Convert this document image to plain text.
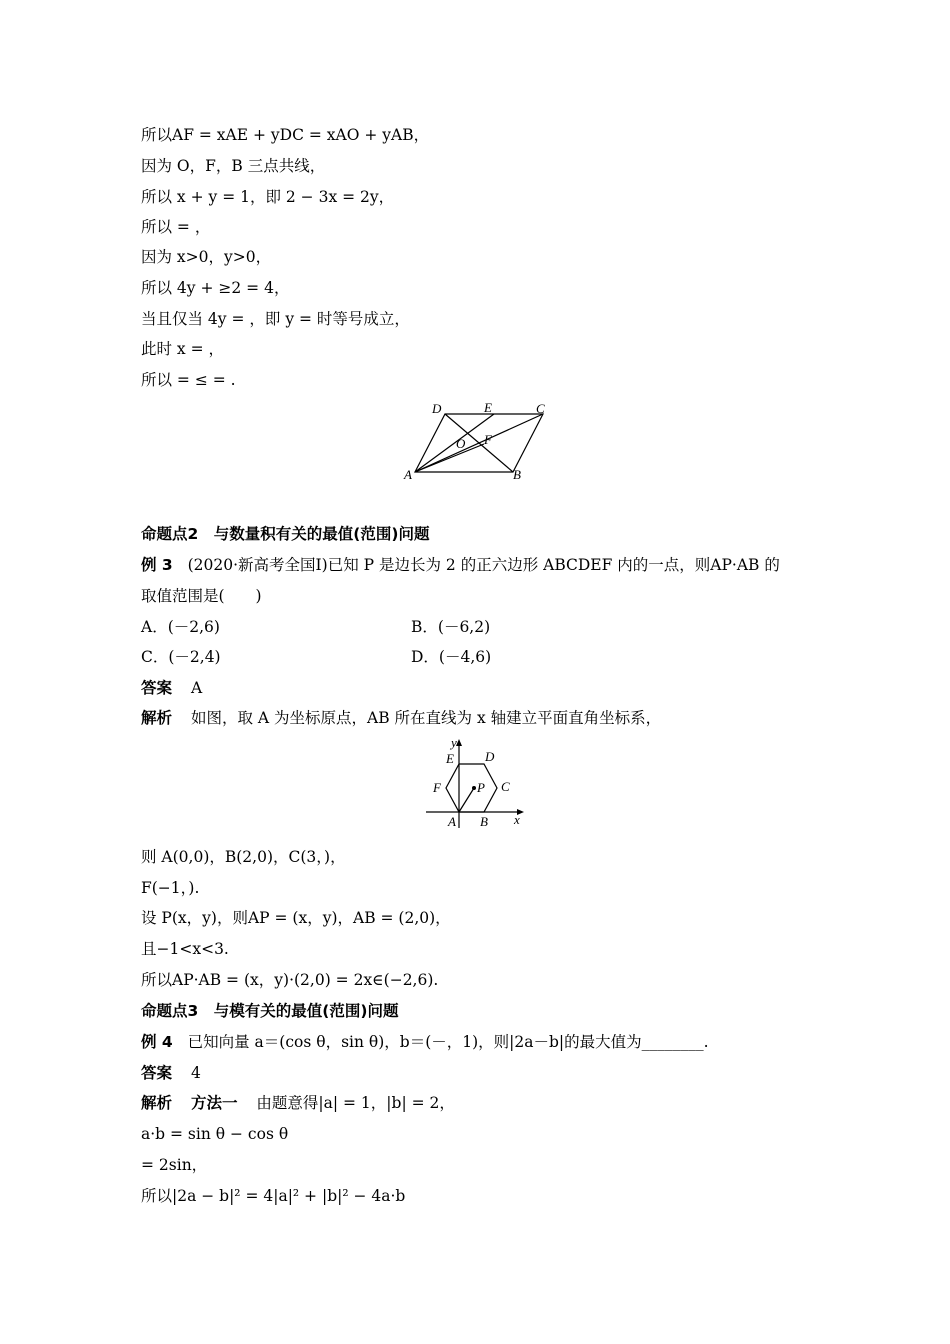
所以AF = xAE + yDC = xAO + yAB，
因为 O，F，B 三点共线，
所以 x + y = 1，即 2 − 3x = 2y，
所以 = ，
因为 x>0，y>0，
所以 4y + ≥2 = 4，
当且仅当 4y = ，即 y = 时等号成立，
此时 x = ，
所以 = ≤ = .
D	E	C
O F
A	B
命题点2　与数量积有关的最值(范围)问题
例 3 (2020·新高考全国Ⅰ)已知 P 是边长为 2 的正六边形 ABCDEF 内的一点，则AP·AB 的
取值范围是(　　)
A．(－2,6)	B．(－6,2)
C．(－2,4)	D．(－4,6)
答案 A
解析 如图，取 A 为坐标原点，AB 所在直线为 x 轴建立平面直角坐标系，
y
E D
F	P C
A B x
则 A(0,0)，B(2,0)，C(3，)，
F(−1，).
设 P(x，y)，则AP = (x，y)，AB = (2,0)，
且−1<x<3.
所以AP·AB = (x，y)·(2,0) = 2x∈(−2,6).
命题点3　与模有关的最值(范围)问题
例 4 已知向量 a＝(cos θ，sin θ)，b＝(－，1)，则|2a－b|的最大值为________.
答案 4
解析 方法一 由题意得|a| = 1，|b| = 2，
a·b = sin θ − cos θ
= 2sin，
所以|2a − b|² = 4|a|² + |b|² − 4a·b
